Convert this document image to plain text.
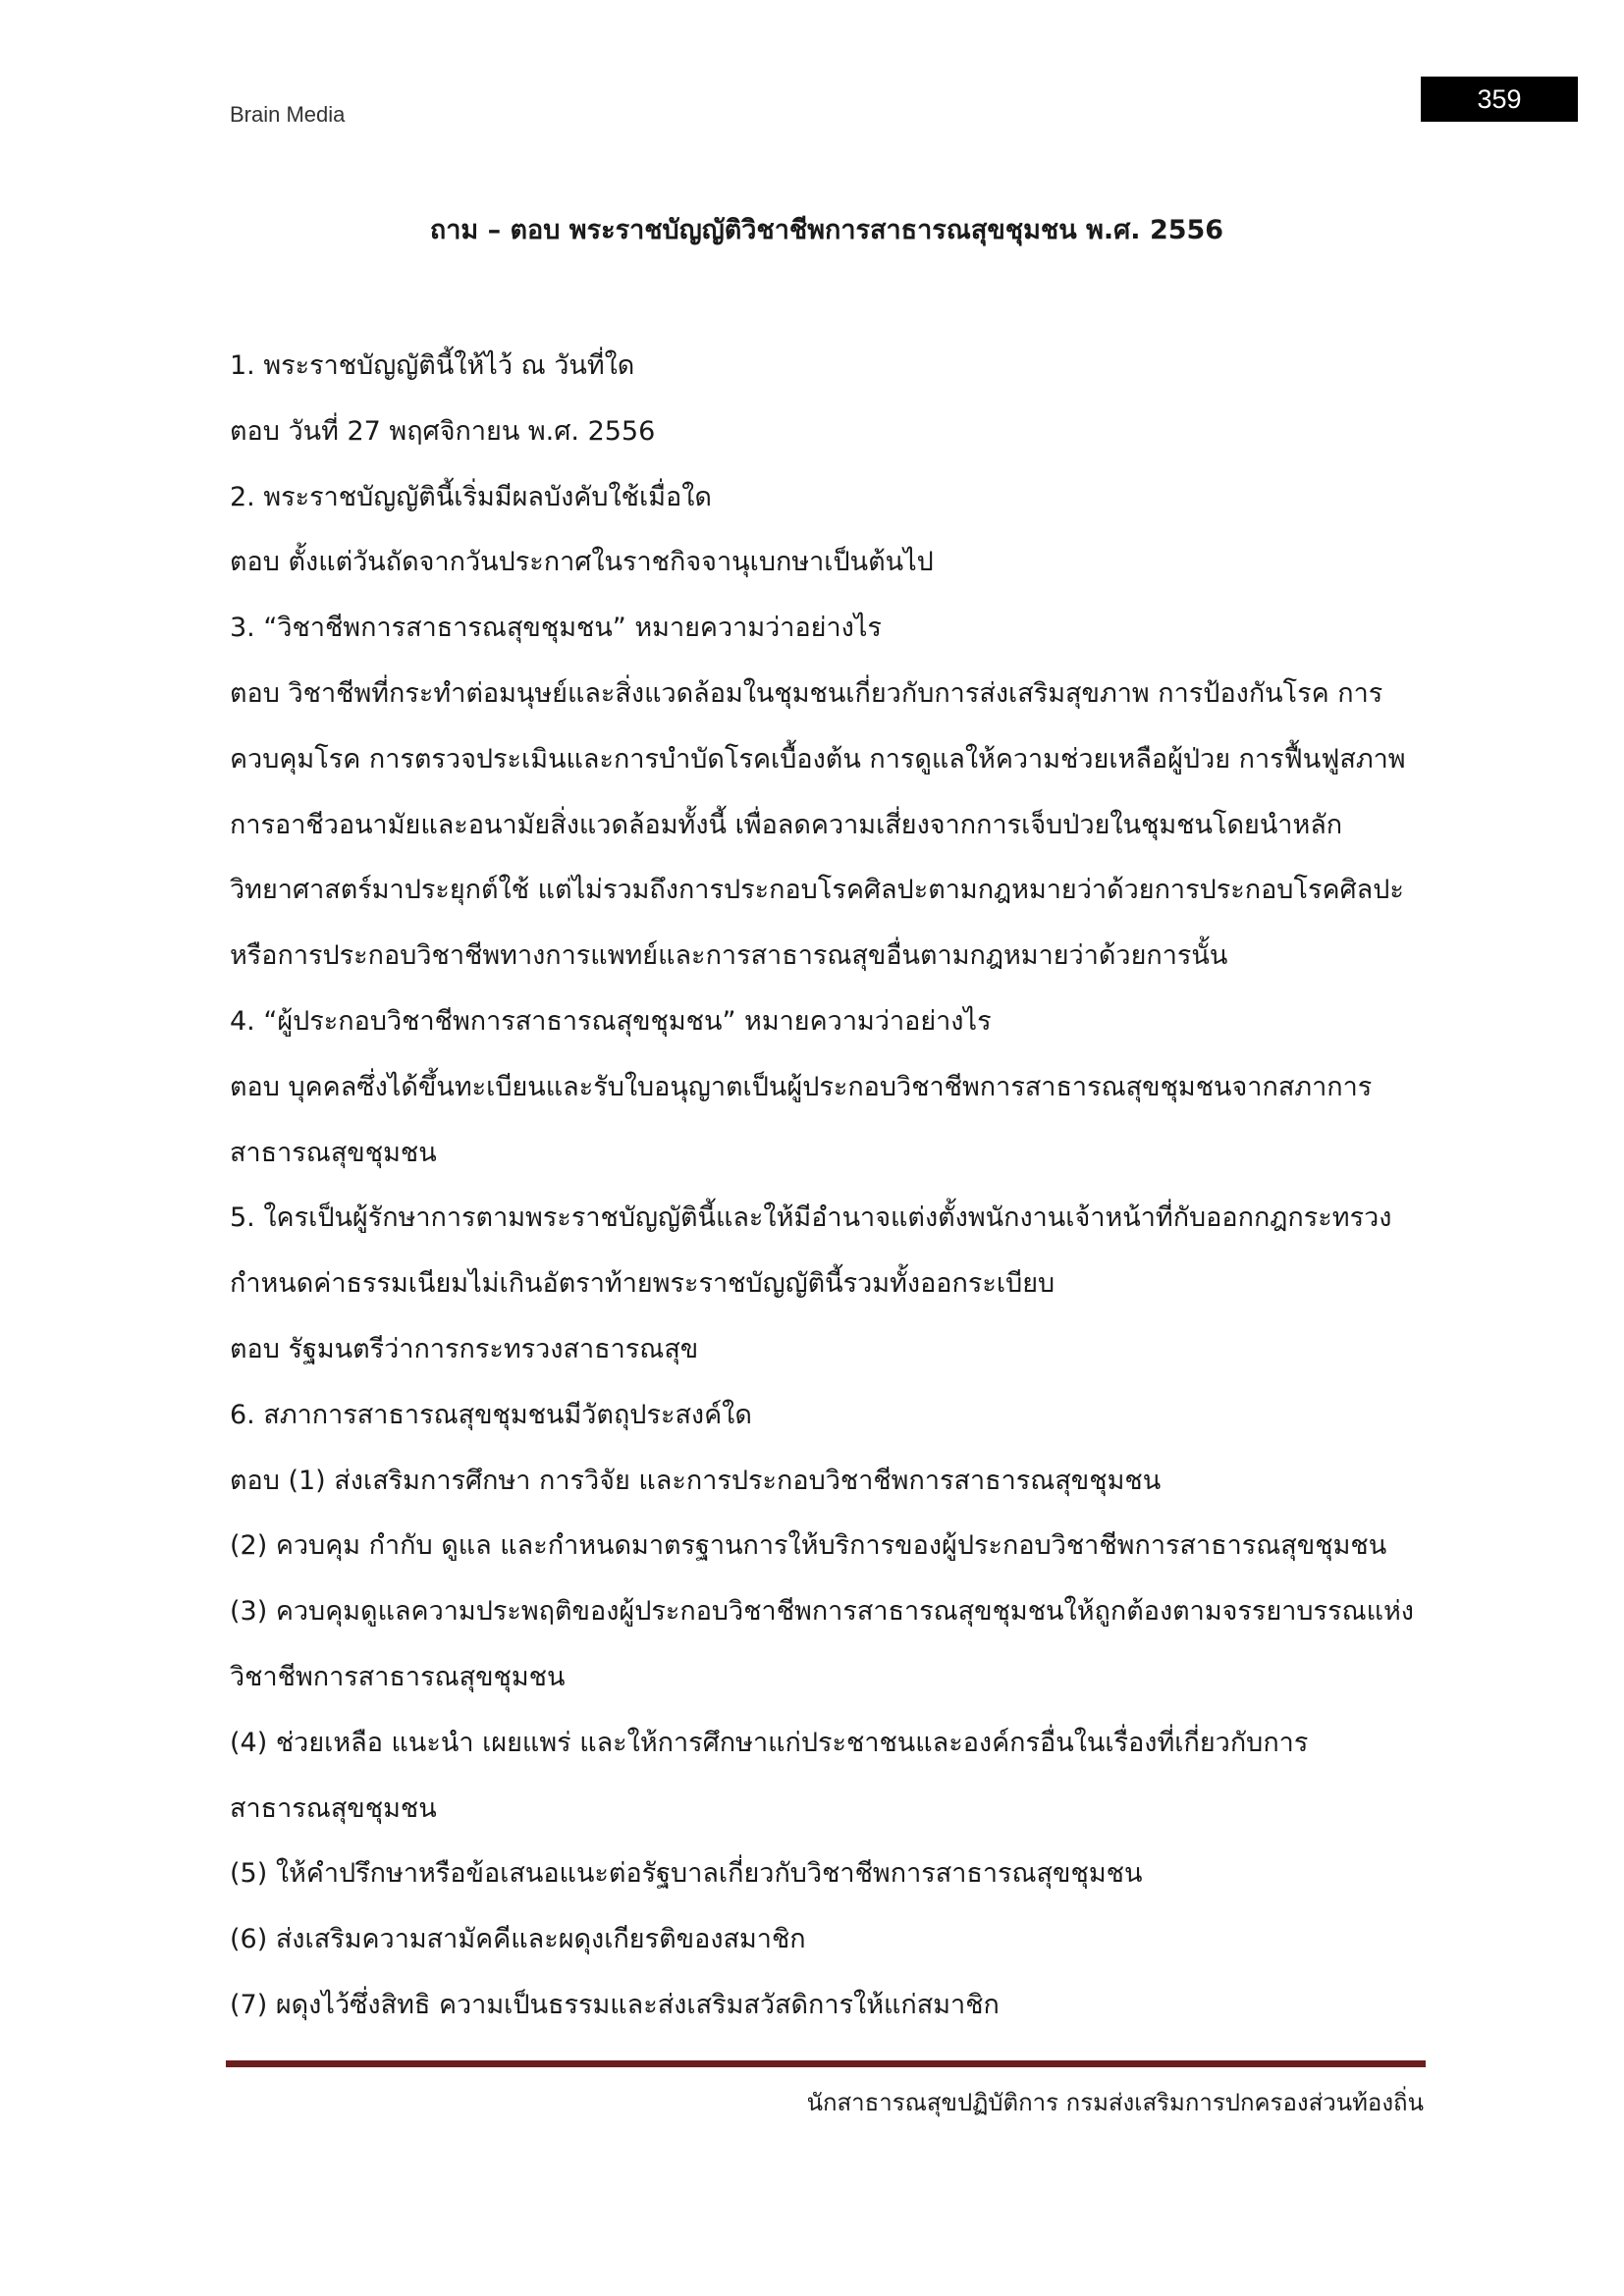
Brain Media
359
ถาม – ตอบ พระราชบัญญัติวิชาชีพการสาธารณสุขชุมชน พ.ศ. 2556
1. พระราชบัญญัตินี้ให้ไว้ ณ วันที่ใด
ตอบ วันที่ 27 พฤศจิกายน พ.ศ. 2556
2. พระราชบัญญัตินี้เริ่มมีผลบังคับใช้เมื่อใด
ตอบ ตั้งแต่วันถัดจากวันประกาศในราชกิจจานุเบกษาเป็นต้นไป
3. “วิชาชีพการสาธารณสุขชุมชน” หมายความว่าอย่างไร
ตอบ วิชาชีพที่กระทำต่อมนุษย์และสิ่งแวดล้อมในชุมชนเกี่ยวกับการส่งเสริมสุขภาพ การป้องกันโรค การ
ควบคุมโรค การตรวจประเมินและการบำบัดโรคเบื้องต้น การดูแลให้ความช่วยเหลือผู้ป่วย การฟื้นฟูสภาพ
การอาชีวอนามัยและอนามัยสิ่งแวดล้อมทั้งนี้ เพื่อลดความเสี่ยงจากการเจ็บป่วยในชุมชนโดยนำหลัก
วิทยาศาสตร์มาประยุกต์ใช้ แต่ไม่รวมถึงการประกอบโรคศิลปะตามกฎหมายว่าด้วยการประกอบโรคศิลปะ
หรือการประกอบวิชาชีพทางการแพทย์และการสาธารณสุขอื่นตามกฎหมายว่าด้วยการนั้น
4. “ผู้ประกอบวิชาชีพการสาธารณสุขชุมชน” หมายความว่าอย่างไร
ตอบ บุคคลซึ่งได้ขึ้นทะเบียนและรับใบอนุญาตเป็นผู้ประกอบวิชาชีพการสาธารณสุขชุมชนจากสภาการ
สาธารณสุขชุมชน
5. ใครเป็นผู้รักษาการตามพระราชบัญญัตินี้และให้มีอำนาจแต่งตั้งพนักงานเจ้าหน้าที่กับออกกฎกระทรวง
กำหนดค่าธรรมเนียมไม่เกินอัตราท้ายพระราชบัญญัตินี้รวมทั้งออกระเบียบ
ตอบ รัฐมนตรีว่าการกระทรวงสาธารณสุข
6. สภาการสาธารณสุขชุมชนมีวัตถุประสงค์ใด
ตอบ (1) ส่งเสริมการศึกษา การวิจัย และการประกอบวิชาชีพการสาธารณสุขชุมชน
(2) ควบคุม กำกับ ดูแล และกำหนดมาตรฐานการให้บริการของผู้ประกอบวิชาชีพการสาธารณสุขชุมชน
(3) ควบคุมดูแลความประพฤติของผู้ประกอบวิชาชีพการสาธารณสุขชุมชนให้ถูกต้องตามจรรยาบรรณแห่ง
วิชาชีพการสาธารณสุขชุมชน
(4) ช่วยเหลือ แนะนำ เผยแพร่ และให้การศึกษาแก่ประชาชนและองค์กรอื่นในเรื่องที่เกี่ยวกับการ
สาธารณสุขชุมชน
(5) ให้คำปรึกษาหรือข้อเสนอแนะต่อรัฐบาลเกี่ยวกับวิชาชีพการสาธารณสุขชุมชน
(6) ส่งเสริมความสามัคคีและผดุงเกียรติของสมาชิก
(7) ผดุงไว้ซึ่งสิทธิ ความเป็นธรรมและส่งเสริมสวัสดิการให้แก่สมาชิก
นักสาธารณสุขปฏิบัติการ กรมส่งเสริมการปกครองส่วนท้องถิ่น
